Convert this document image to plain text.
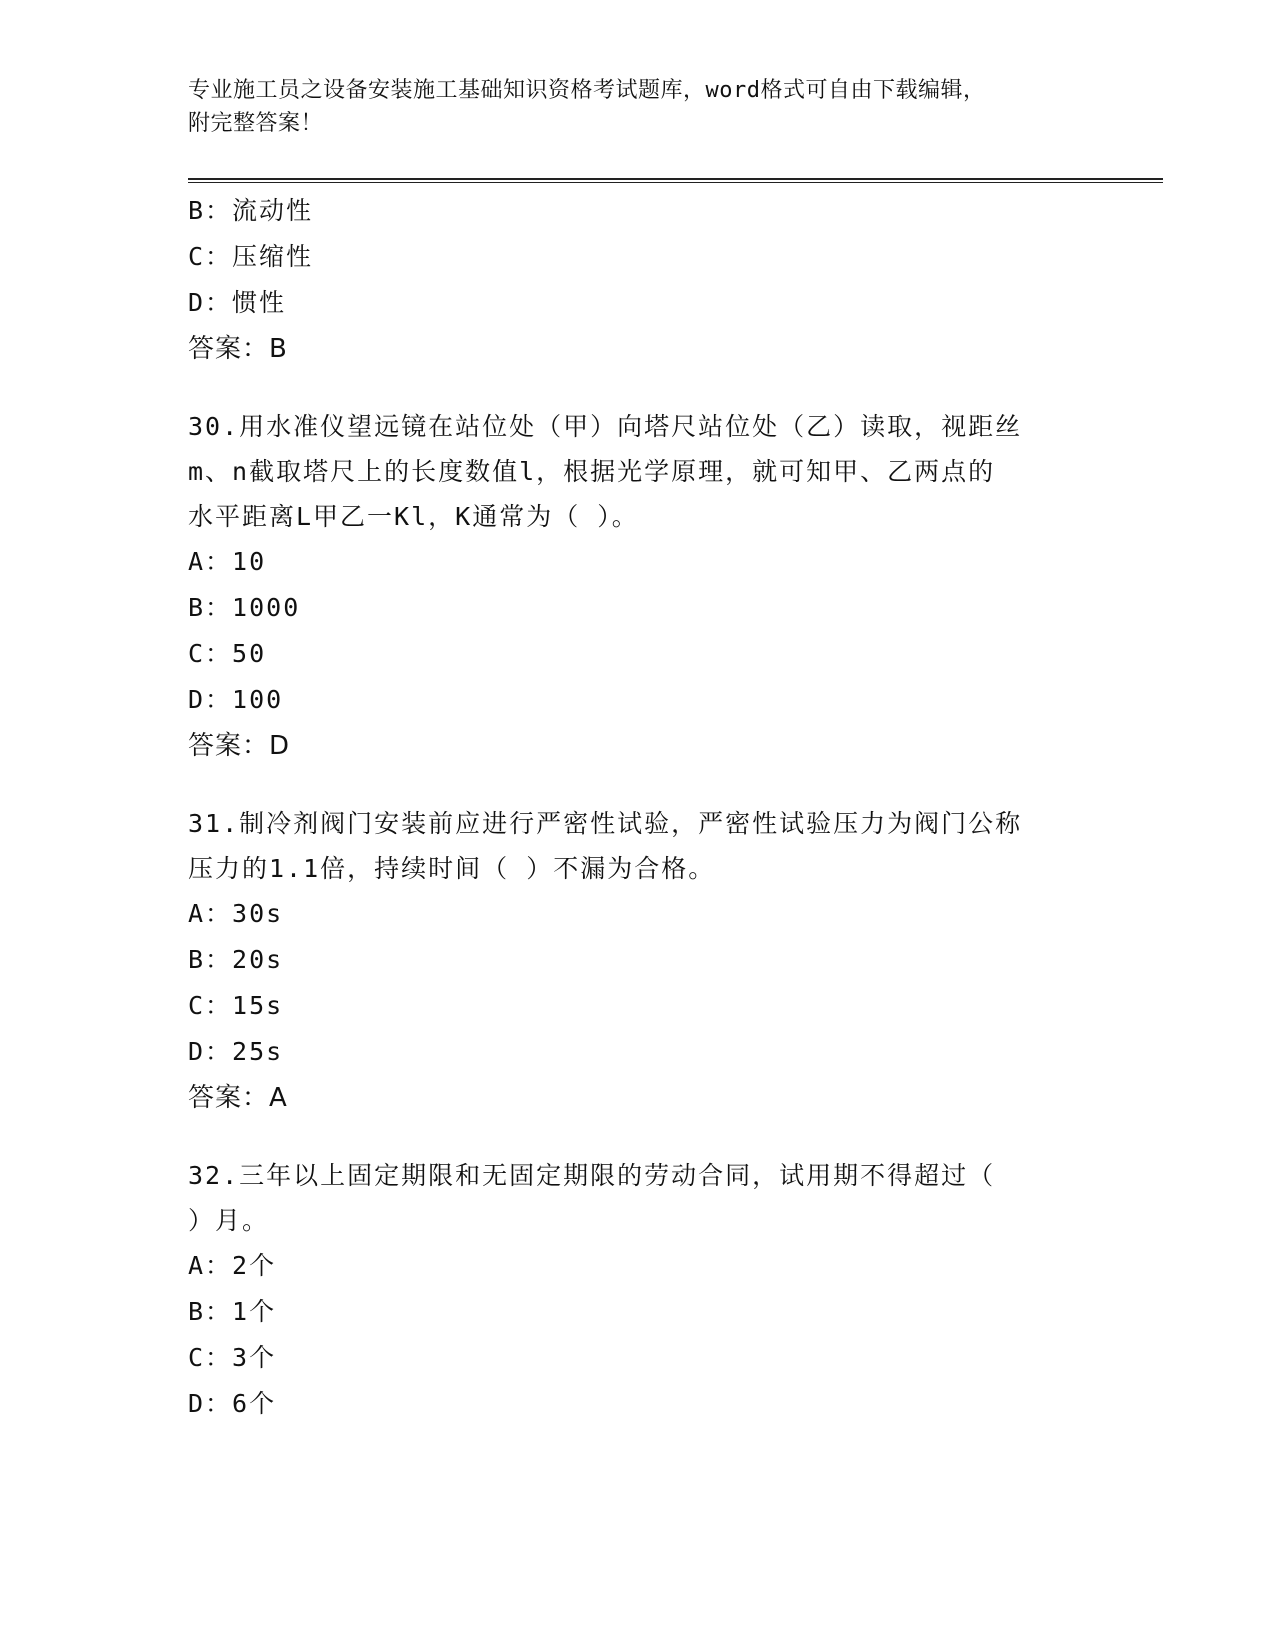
专业施工员之设备安装施工基础知识资格考试题库，word格式可自由下载编辑，
附完整答案！
B：流动性
C：压缩性
D：惯性
答案：B
30.用水准仪望远镜在站位处（甲）向塔尺站位处（乙）读取，视距丝
m、n截取塔尺上的长度数值l，根据光学原理，就可知甲、乙两点的
水平距离L甲乙一Kl，K通常为（ ）。
A：10
B：1000
C：50
D：100
答案：D
31.制冷剂阀门安装前应进行严密性试验，严密性试验压力为阀门公称
压力的1.1倍，持续时间（ ）不漏为合格。
A：30s
B：20s
C：15s
D：25s
答案：A
32.三年以上固定期限和无固定期限的劳动合同，试用期不得超过（
）月。
A：2个
B：1个
C：3个
D：6个
